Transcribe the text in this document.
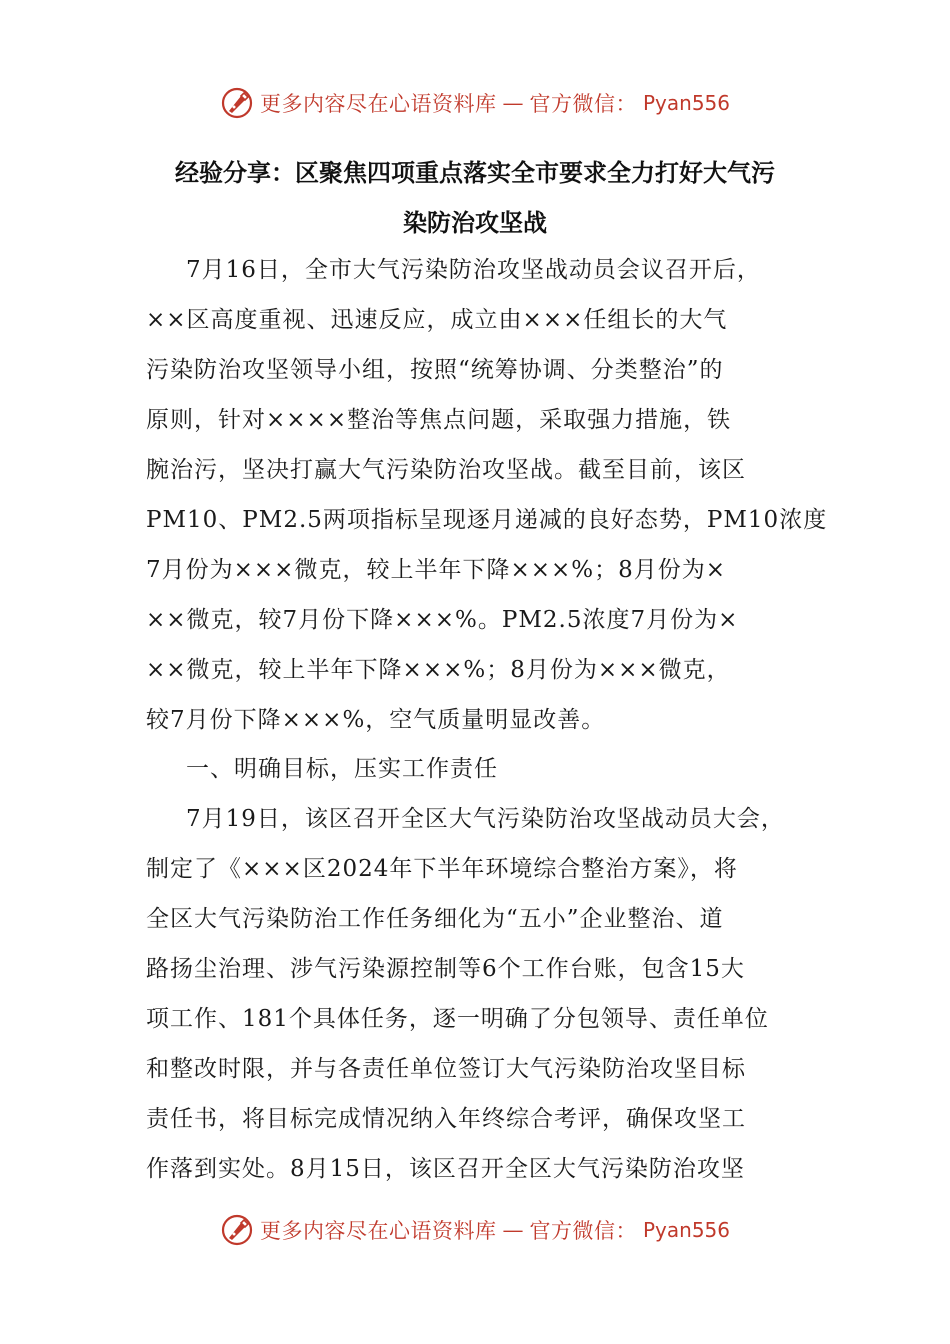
更多内容尽在心语资料库 — 官方微信： Pyan556
经验分享：区聚焦四项重点落实全市要求全力打好大气污
染防治攻坚战
7月16日，全市大气污染防治攻坚战动员会议召开后，
××区高度重视、迅速反应，成立由×××任组长的大气
污染防治攻坚领导小组，按照“统筹协调、分类整治”的
原则，针对××××整治等焦点问题，采取强力措施，铁
腕治污，坚决打赢大气污染防治攻坚战。截至目前，该区
PM10、PM2.5两项指标呈现逐月递减的良好态势，PM10浓度
7月份为×××微克，较上半年下降×××%；8月份为×
××微克，较7月份下降×××%。PM2.5浓度7月份为×
××微克，较上半年下降×××%；8月份为×××微克，
较7月份下降×××%，空气质量明显改善。
一、明确目标，压实工作责任
7月19日，该区召开全区大气污染防治攻坚战动员大会，
制定了《×××区2024年下半年环境综合整治方案》，将
全区大气污染防治工作任务细化为“五小”企业整治、道
路扬尘治理、涉气污染源控制等6个工作台账，包含15大
项工作、181个具体任务，逐一明确了分包领导、责任单位
和整改时限，并与各责任单位签订大气污染防治攻坚目标
责任书，将目标完成情况纳入年终综合考评，确保攻坚工
作落到实处。8月15日，该区召开全区大气污染防治攻坚
更多内容尽在心语资料库 — 官方微信： Pyan556
